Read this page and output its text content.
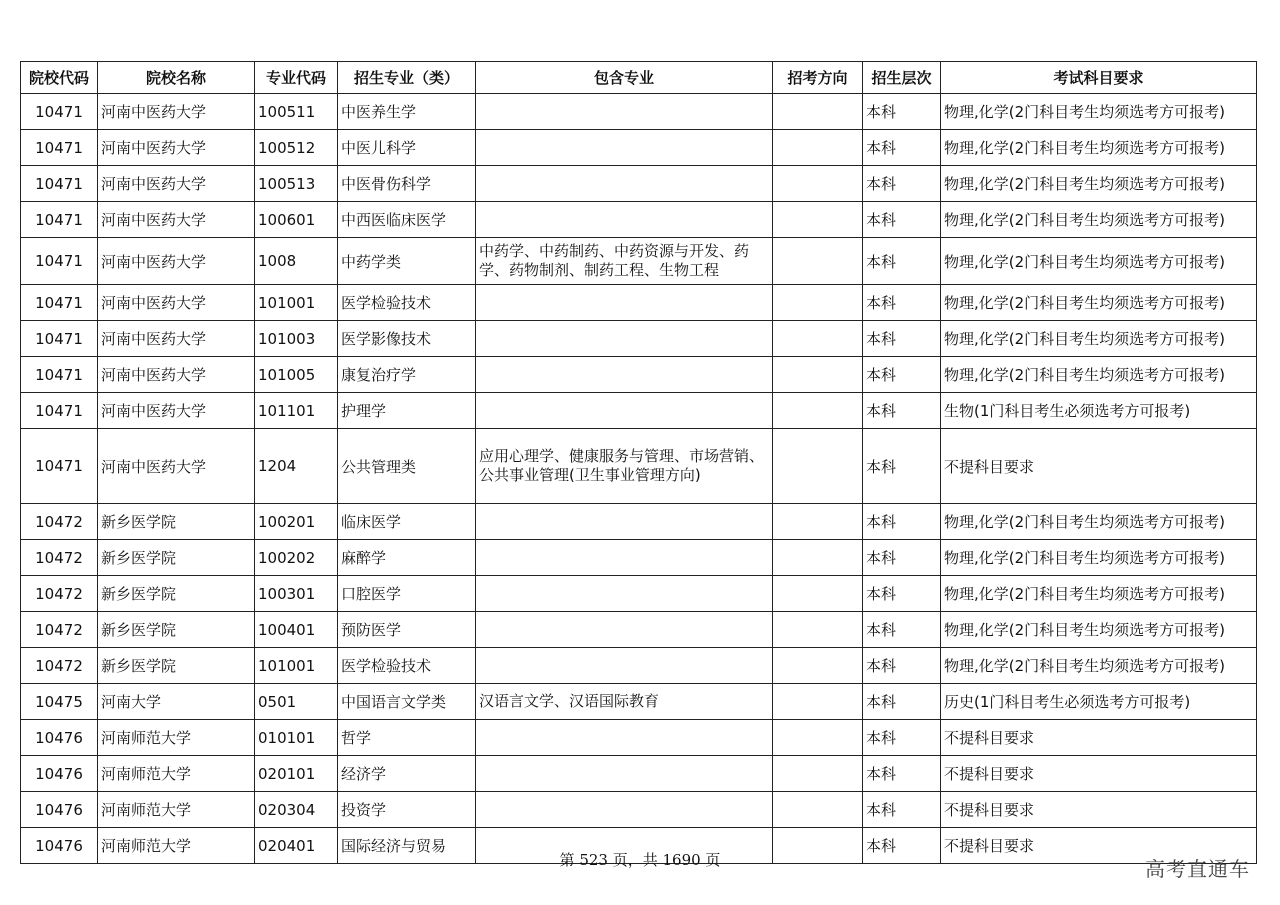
院校代码	院校名称	专业代码	招生专业（类）	包含专业	招考方向	招生层次	考试科目要求
10471	河南中医药大学	100511	中医养生学			本科	物理,化学(2门科目考生均须选考方可报考)
10471	河南中医药大学	100512	中医儿科学			本科	物理,化学(2门科目考生均须选考方可报考)
10471	河南中医药大学	100513	中医骨伤科学			本科	物理,化学(2门科目考生均须选考方可报考)
10471	河南中医药大学	100601	中西医临床医学			本科	物理,化学(2门科目考生均须选考方可报考)
10471	河南中医药大学	1008	中药学类	中药学、中药制药、中药资源与开发、药学、药物制剂、制药工程、生物工程		本科	物理,化学(2门科目考生均须选考方可报考)
10471	河南中医药大学	101001	医学检验技术			本科	物理,化学(2门科目考生均须选考方可报考)
10471	河南中医药大学	101003	医学影像技术			本科	物理,化学(2门科目考生均须选考方可报考)
10471	河南中医药大学	101005	康复治疗学			本科	物理,化学(2门科目考生均须选考方可报考)
10471	河南中医药大学	101101	护理学			本科	生物(1门科目考生必须选考方可报考)
10471	河南中医药大学	1204	公共管理类	应用心理学、健康服务与管理、市场营销、公共事业管理(卫生事业管理方向)		本科	不提科目要求
10472	新乡医学院	100201	临床医学			本科	物理,化学(2门科目考生均须选考方可报考)
10472	新乡医学院	100202	麻醉学			本科	物理,化学(2门科目考生均须选考方可报考)
10472	新乡医学院	100301	口腔医学			本科	物理,化学(2门科目考生均须选考方可报考)
10472	新乡医学院	100401	预防医学			本科	物理,化学(2门科目考生均须选考方可报考)
10472	新乡医学院	101001	医学检验技术			本科	物理,化学(2门科目考生均须选考方可报考)
10475	河南大学	0501	中国语言文学类	汉语言文学、汉语国际教育		本科	历史(1门科目考生必须选考方可报考)
10476	河南师范大学	010101	哲学			本科	不提科目要求
10476	河南师范大学	020101	经济学			本科	不提科目要求
10476	河南师范大学	020304	投资学			本科	不提科目要求
10476	河南师范大学	020401	国际经济与贸易			本科	不提科目要求
第 523 页，共 1690 页	高考直通车
